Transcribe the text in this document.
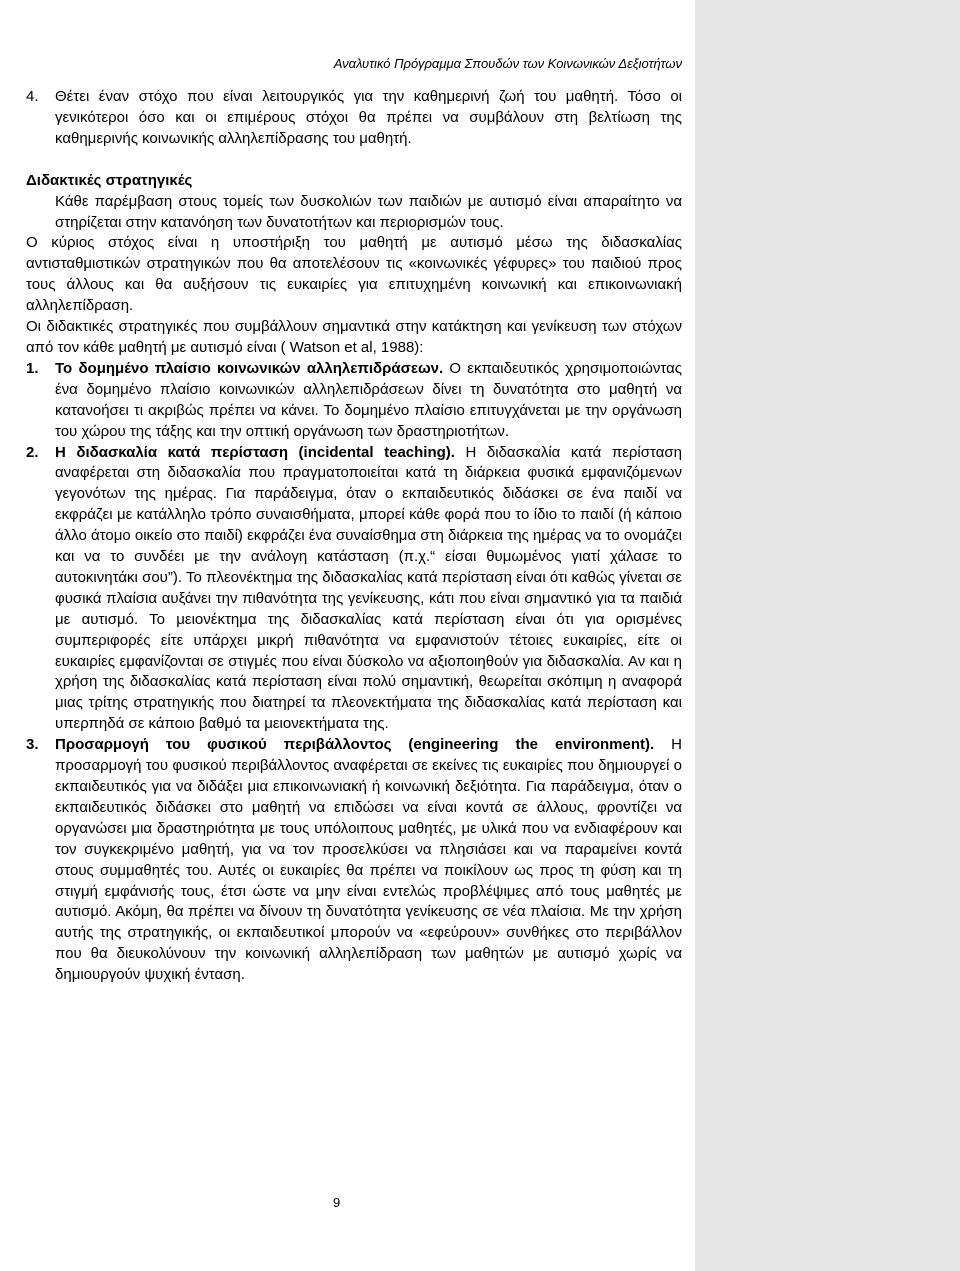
Αναλυτικό Πρόγραμμα Σπουδών των Κοινωνικών Δεξιοτήτων
4.	Θέτει έναν στόχο που είναι λειτουργικός για την καθημερινή ζωή του μαθητή. Τόσο οι γενικότεροι όσο και οι επιμέρους στόχοι θα πρέπει να συμβάλουν στη βελτίωση της καθημερινής κοινωνικής αλληλεπίδρασης του μαθητή.

Διδακτικές στρατηγικές

Κάθε παρέμβαση στους τομείς των δυσκολιών των παιδιών με αυτισμό είναι απαραίτητο να στηρίζεται στην κατανόηση των δυνατοτήτων και περιορισμών τους.

Ο κύριος στόχος είναι η υποστήριξη του μαθητή με αυτισμό μέσω της διδασκαλίας αντισταθμιστικών στρατηγικών που θα αποτελέσουν τις «κοινωνικές γέφυρες» του παιδιού προς τους άλλους και θα αυξήσουν τις ευκαιρίες για επιτυχημένη κοινωνική και επικοινωνιακή αλληλεπίδραση.

Οι διδακτικές στρατηγικές που συμβάλλουν σημαντικά στην κατάκτηση και γενίκευση των στόχων από τον κάθε μαθητή με αυτισμό είναι ( Watson et al, 1988):

1.	Το δομημένο πλαίσιο κοινωνικών αλληλεπιδράσεων. Ο εκπαιδευτικός χρησιμοποιώντας ένα δομημένο πλαίσιο κοινωνικών αλληλεπιδράσεων δίνει τη δυνατότητα στο μαθητή να κατανοήσει τι ακριβώς πρέπει να κάνει. Το δομημένο πλαίσιο επιτυγχάνεται με την οργάνωση του χώρου της τάξης και την οπτική οργάνωση των δραστηριοτήτων.

2.	Η διδασκαλία κατά περίσταση (incidental teaching). Η διδασκαλία κατά περίσταση αναφέρεται στη διδασκαλία που πραγματοποιείται κατά τη διάρκεια φυσικά εμφανιζόμενων γεγονότων της ημέρας. Για παράδειγμα, όταν ο εκπαιδευτικός διδάσκει σε ένα παιδί να εκφράζει με κατάλληλο τρόπο συναισθήματα, μπορεί κάθε φορά που το ίδιο το παιδί (ή κάποιο άλλο άτομο οικείο στο παιδί) εκφράζει ένα συναίσθημα στη διάρκεια της ημέρας να το ονομάζει και να το συνδέει με την ανάλογη κατάσταση (π.χ.“ είσαι θυμωμένος γιατί χάλασε το αυτοκινητάκι σου”). Το πλεονέκτημα της διδασκαλίας κατά περίσταση είναι ότι καθώς γίνεται σε φυσικά πλαίσια αυξάνει την πιθανότητα της γενίκευσης, κάτι που είναι σημαντικό για τα παιδιά με αυτισμό. Το μειονέκτημα της διδασκαλίας κατά περίσταση είναι ότι για ορισμένες συμπεριφορές είτε υπάρχει μικρή πιθανότητα να εμφανιστούν τέτοιες ευκαιρίες, είτε οι ευκαιρίες εμφανίζονται σε στιγμές που είναι δύσκολο να αξιοποιηθούν για διδασκαλία. Αν και η χρήση της διδασκαλίας κατά περίσταση είναι πολύ σημαντική, θεωρείται σκόπιμη η αναφορά μιας τρίτης στρατηγικής που διατηρεί τα πλεονεκτήματα της διδασκαλίας κατά περίσταση και υπερπηδά σε κάποιο βαθμό τα μειονεκτήματα της.

3.	Προσαρμογή του φυσικού περιβάλλοντος (engineering the environment). Η προσαρμογή του φυσικού περιβάλλοντος αναφέρεται σε εκείνες τις ευκαιρίες που δημιουργεί ο εκπαιδευτικός για να διδάξει μια επικοινωνιακή ή κοινωνική δεξιότητα. Για παράδειγμα, όταν ο εκπαιδευτικός διδάσκει στο μαθητή να επιδώσει να είναι κοντά σε άλλους, φροντίζει να οργανώσει μια δραστηριότητα με τους υπόλοιπους μαθητές, με υλικά που να ενδιαφέρουν και τον συγκεκριμένο μαθητή, για να τον προσελκύσει να πλησιάσει και να παραμείνει κοντά στους συμμαθητές του. Αυτές οι ευκαιρίες θα πρέπει να ποικίλουν ως προς τη φύση και τη στιγμή εμφάνισής τους, έτσι ώστε να μην είναι εντελώς προβλέψιμες από τους μαθητές με αυτισμό. Ακόμη, θα πρέπει να δίνουν τη δυνατότητα γενίκευσης σε νέα πλαίσια. Με την χρήση αυτής της στρατηγικής, οι εκπαιδευτικοί μπορούν να «εφεύρουν» συνθήκες στο περιβάλλον που θα διευκολύνουν την κοινωνική αλληλεπίδραση των μαθητών με αυτισμό χωρίς να δημιουργούν ψυχική ένταση.

9
